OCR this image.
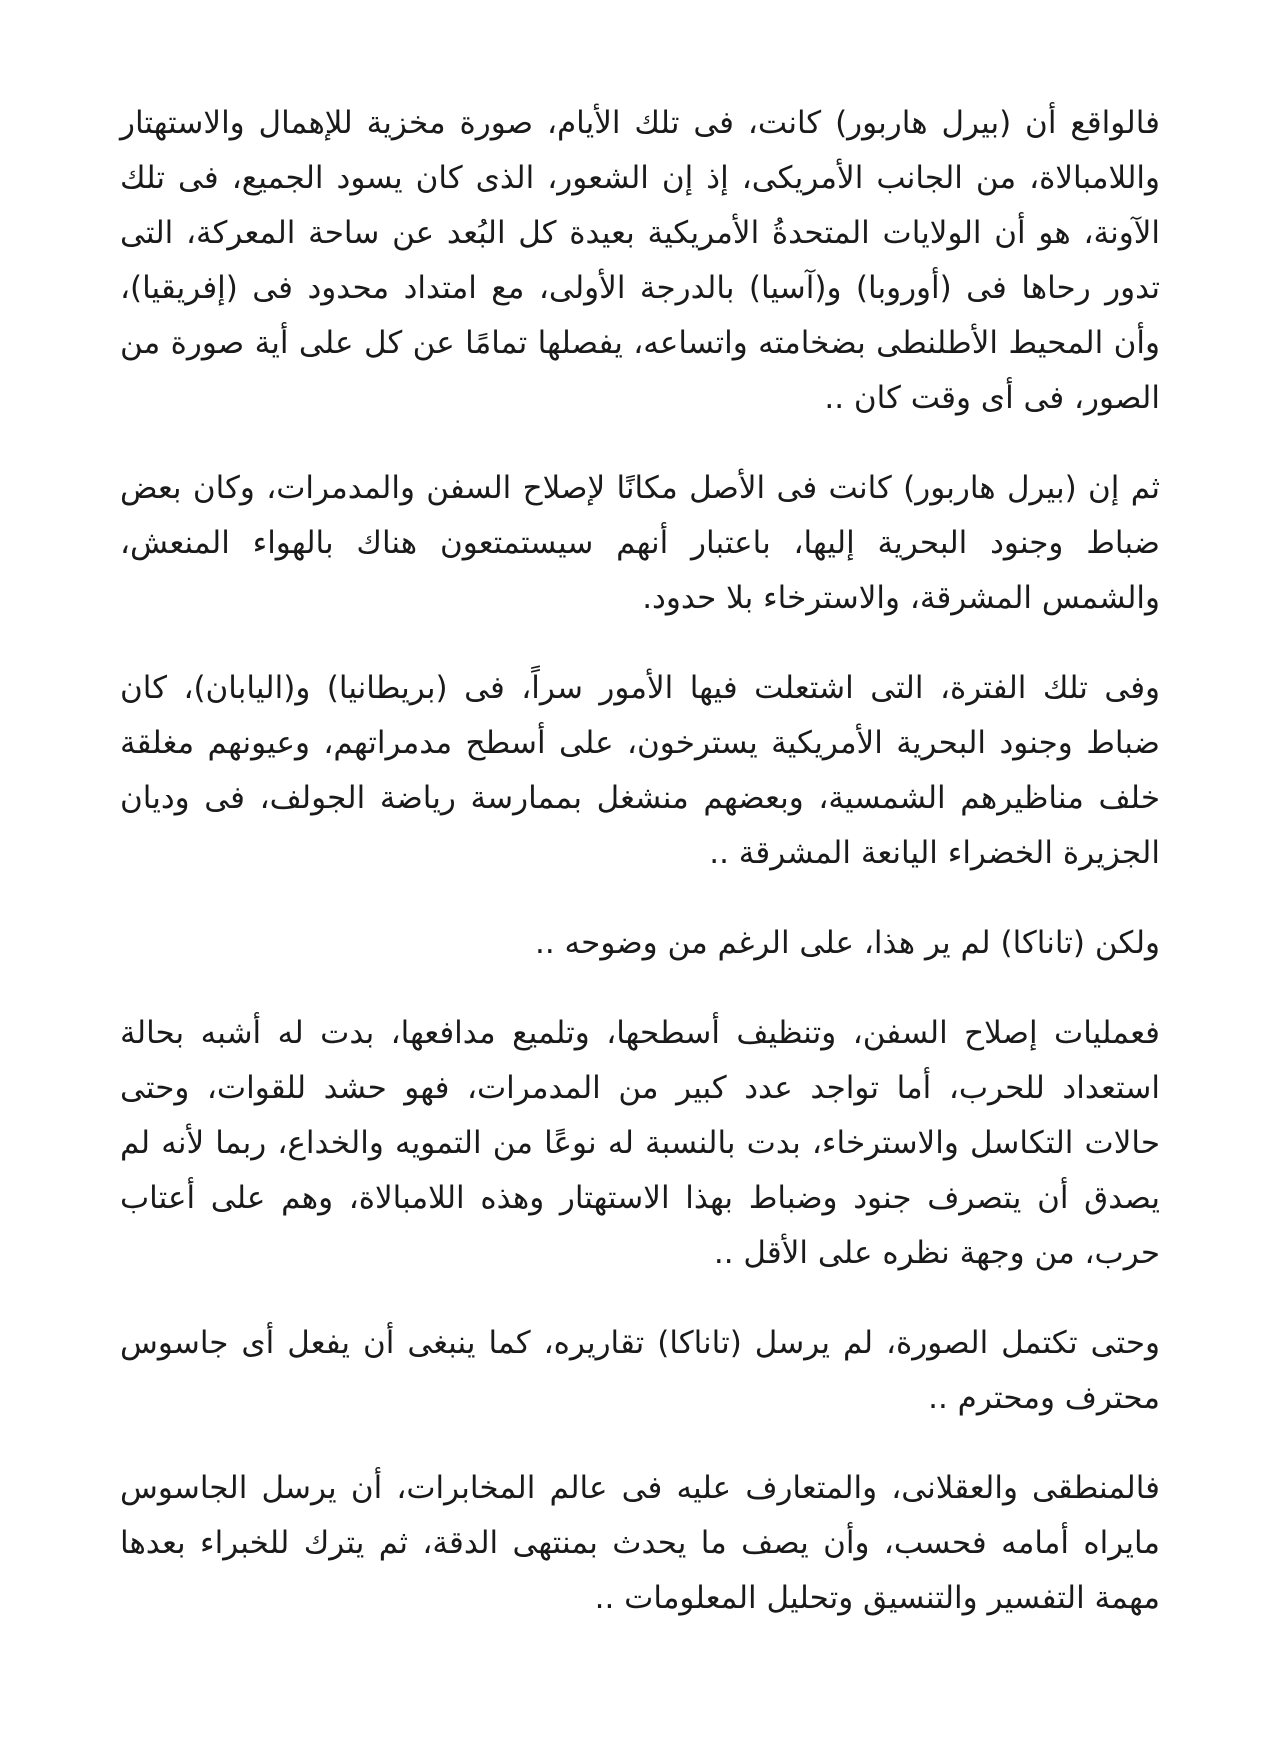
فالواقع أن (بيرل هاربور) كانت، فى تلك الأيام، صورة مخزية للإهمال والاستهتار واللامبالاة، من الجانب الأمريكى، إذ إن الشعور، الذى كان يسود الجميع، فى تلك الآونة، هو أن الولايات المتحدةُ الأمريكية بعيدة كل البُعد عن ساحة المعركة، التى تدور رحاها فى (أوروبا) و(آسيا) بالدرجة الأولى، مع امتداد محدود فى (إفريقيا)، وأن المحيط الأطلنطى بضخامته واتساعه، يفصلها تمامًا عن كل على أية صورة من الصور، فى أى وقت كان ..

ثم إن (بيرل هاربور) كانت فى الأصل مكانًا لإصلاح السفن والمدمرات، وكان بعض ضباط وجنود البحرية إليها، باعتبار أنهم سيستمتعون هناك بالهواء المنعش، والشمس المشرقة، والاسترخاء بلا حدود.

وفى تلك الفترة، التى اشتعلت فيها الأمور سراً، فى (بريطانيا) و(اليابان)، كان ضباط وجنود البحرية الأمريكية يسترخون، على أسطح مدمراتهم، وعيونهم مغلقة خلف مناظيرهم الشمسية، وبعضهم منشغل بممارسة رياضة الجولف، فى وديان الجزيرة الخضراء اليانعة المشرقة ..

ولكن (تاناكا) لم ير هذا، على الرغم من وضوحه ..

فعمليات إصلاح السفن، وتنظيف أسطحها، وتلميع مدافعها، بدت له أشبه بحالة استعداد للحرب، أما تواجد عدد كبير من المدمرات، فهو حشد للقوات، وحتى حالات التكاسل والاسترخاء، بدت بالنسبة له نوعًا من التمويه والخداع، ربما لأنه لم يصدق أن يتصرف جنود وضباط بهذا الاستهتار وهذه اللامبالاة، وهم على أعتاب حرب، من وجهة نظره على الأقل ..

وحتى تكتمل الصورة، لم يرسل (تاناكا) تقاريره، كما ينبغى أن يفعل أى جاسوس محترف ومحترم ..

فالمنطقى والعقلانى، والمتعارف عليه فى عالم المخابرات، أن يرسل الجاسوس مايراه أمامه فحسب، وأن يصف ما يحدث بمنتهى الدقة، ثم يترك للخبراء بعدها مهمة التفسير والتنسيق وتحليل المعلومات ..
